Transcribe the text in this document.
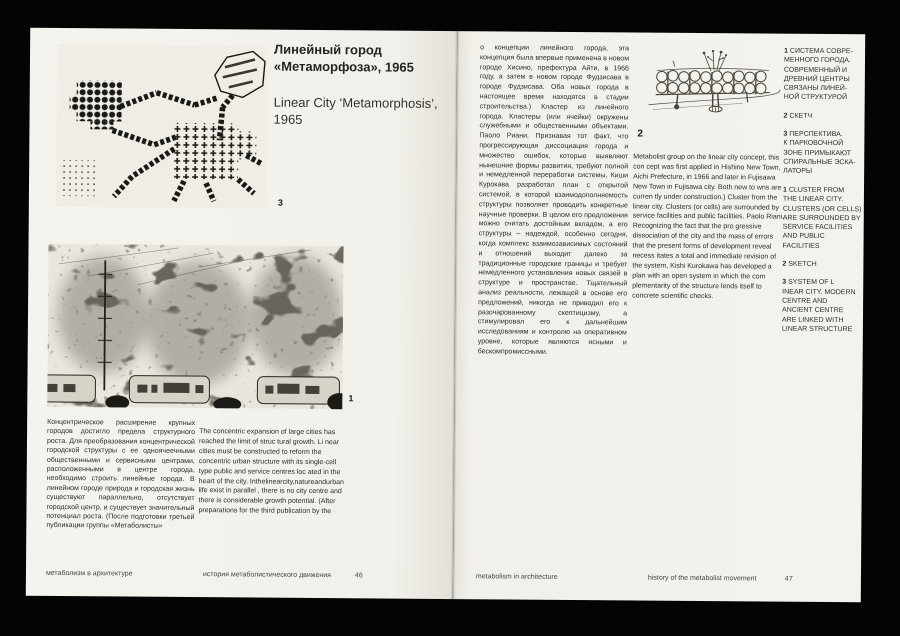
3
Линейный город
«Метаморфоза», 1965
Linear City ‘Metamorphosis’,
1965
1
Концентрическое расширение крупных городов достигло предела структурного роста. Для преобразования концентрической городской структуры с ее одноячеечными общественными и сервисными центрами, расположенными в центре города, необходимо строить линейные города. В линейном городе природа и городская жизнь существуют параллельно, отсутствует городской центр, и существует значительный потенциал роста. (После подготовки третьей публикации группы «Метаболисты»
The concentric expansion of large cities has reached the limit of struc tural growth. Li near cities must be constructed to reform the concentric urban structure with its single-cell type public and service centres loc ated in the heart of the city. Inthelinearcity,natureandurban life exist in parallel , there is no city centre and there is considerable growth potential. (After preparations for the third publication by the
метаболизм в архитектуре	история метаболистического движения	46
о концепции линейного города, эта концепция была впервые применена в новом городе Хисино, префектура Айти, в 1966 году, а затем в новом городе Фудзисава в городе Фудзисава. Оба новых города в настоящее время находятся в стадии строительства.) Кластер из линейного города. Кластеры (или ячейки) окружены служебными и общественными объектами. Паоло Риани. Признавая тот факт, что прогрессирующая диссоциация города и множество ошибок, которые выявляют нынешние формы развития, требуют полной и немедленной переработки системы, Киши Курокава разработал план с открытой системой, в которой взаимодополняемость структуры позволяет проводить конкретные научные проверки. В целом его предложения можно считать достойным вкладом, а его структуры – надеждой, особенно сегодня, когда комплекс взаимозависимых состояний и отношений выходит далеко за традиционные городские границы и требует немедленного установления новых связей в структуре и пространстве. Тщательный анализ реальности, лежащей в основе его предложений, никогда не приводил его к разочарованному скептицизму, а стимулировал его к дальнейшим исследованиям и контролю на оперативном уровне, которые являются ясными и бескомпромиссными.
2
Metabolist group on the linear city concept, this con cept was first applied in Hishino New Town, Aichi Prefecture, in 1966 and later in Fujisawa New Town in Fujisawa city. Both new to wns are curren tly under construction.) Cluster from the linear city. Clusters (or cells) are surrounded by service facilities and public facilities. Paolo Riani. Recognizing the fact that the pro gressive dissociation of the city and the mass of errors that the present forms of development reveal necess itates a total and immediate revision of the system, Kishi Kurokawa has developed a plan with an open system in which the com plementarity of the structure lends itself to concrete scientific checks.
1 СИСТЕМА СОВРЕ-
МЕННОГО ГОРОДА.
СОВРЕМЕННЫЙ И
ДРЕВНИЙ ЦЕНТРЫ
СВЯЗАНЫ ЛИНЕЙ-
НОЙ СТРУКТУРОЙ
2 СКЕТЧ
3 ПЕРСПЕКТИВА.
К ПАРКОВОЧНОЙ
ЗОНЕ ПРИМЫКАЮТ
СПИРАЛЬНЫЕ ЭСКА-
ЛАТОРЫ
1 CLUSTER FROM
THE LINEAR CITY.
CLUSTERS (OR CELLS)
ARE SURROUNDED BY
SERVICE FACILITIES
AND PUBLIC
FACILITIES
2 SKETCH
3 SYSTEM OF L
INEAR CITY. MODERN
CENTRE AND
ANCIENT CENTRE
ARE LINKED WITH
LINEAR STRUCTURE
metabolism in architecture	history of the metabolist movement	47
